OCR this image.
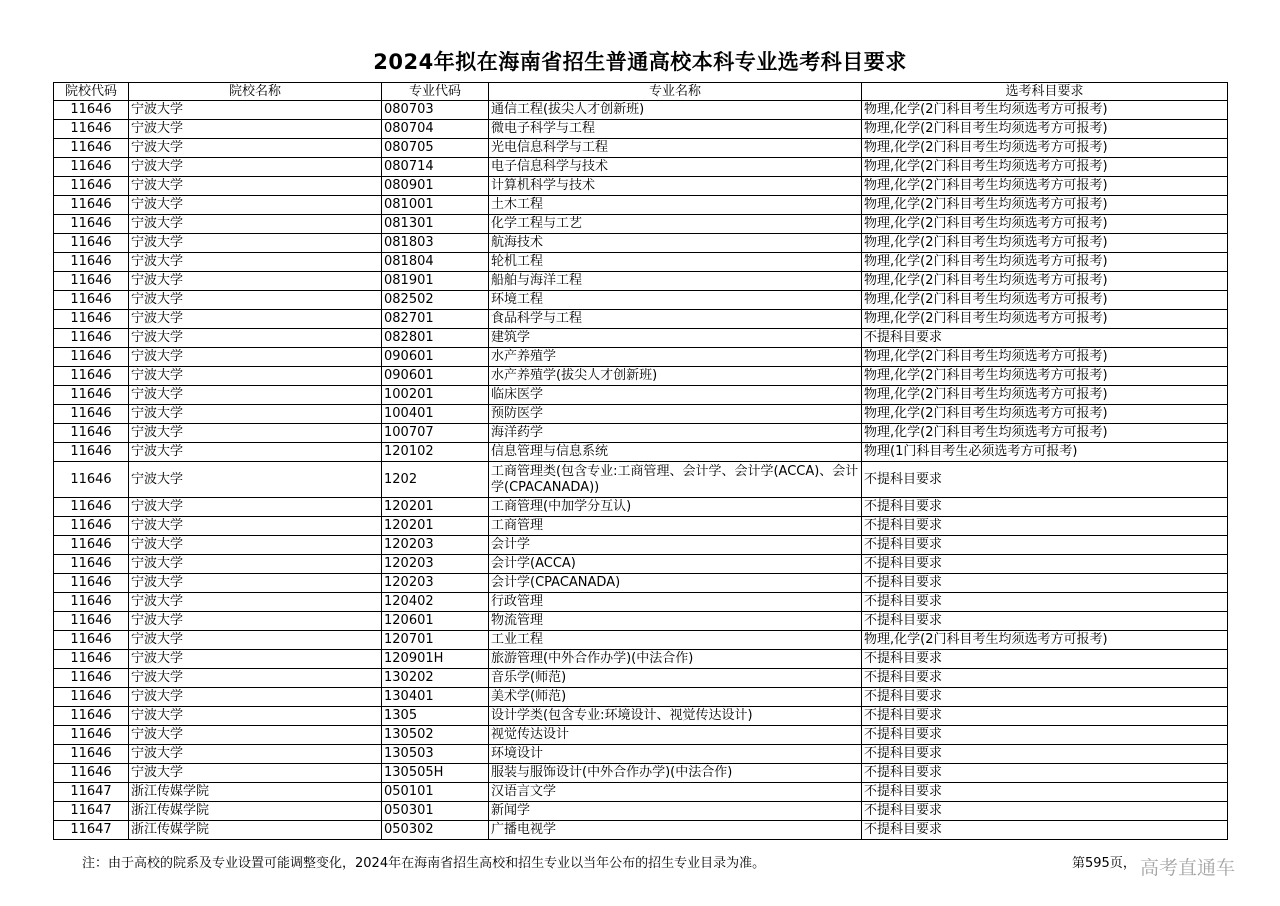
2024年拟在海南省招生普通高校本科专业选考科目要求
院校代码	院校名称	专业代码	专业名称	选考科目要求
11646	宁波大学	080703	通信工程(拔尖人才创新班)	物理,化学(2门科目考生均须选考方可报考)
11646	宁波大学	080704	微电子科学与工程	物理,化学(2门科目考生均须选考方可报考)
11646	宁波大学	080705	光电信息科学与工程	物理,化学(2门科目考生均须选考方可报考)
11646	宁波大学	080714	电子信息科学与技术	物理,化学(2门科目考生均须选考方可报考)
11646	宁波大学	080901	计算机科学与技术	物理,化学(2门科目考生均须选考方可报考)
11646	宁波大学	081001	土木工程	物理,化学(2门科目考生均须选考方可报考)
11646	宁波大学	081301	化学工程与工艺	物理,化学(2门科目考生均须选考方可报考)
11646	宁波大学	081803	航海技术	物理,化学(2门科目考生均须选考方可报考)
11646	宁波大学	081804	轮机工程	物理,化学(2门科目考生均须选考方可报考)
11646	宁波大学	081901	船舶与海洋工程	物理,化学(2门科目考生均须选考方可报考)
11646	宁波大学	082502	环境工程	物理,化学(2门科目考生均须选考方可报考)
11646	宁波大学	082701	食品科学与工程	物理,化学(2门科目考生均须选考方可报考)
11646	宁波大学	082801	建筑学	不提科目要求
11646	宁波大学	090601	水产养殖学	物理,化学(2门科目考生均须选考方可报考)
11646	宁波大学	090601	水产养殖学(拔尖人才创新班)	物理,化学(2门科目考生均须选考方可报考)
11646	宁波大学	100201	临床医学	物理,化学(2门科目考生均须选考方可报考)
11646	宁波大学	100401	预防医学	物理,化学(2门科目考生均须选考方可报考)
11646	宁波大学	100707	海洋药学	物理,化学(2门科目考生均须选考方可报考)
11646	宁波大学	120102	信息管理与信息系统	物理(1门科目考生必须选考方可报考)
11646	宁波大学	1202	工商管理类(包含专业:工商管理、会计学、会计学(ACCA)、会计学(CPACANADA))	不提科目要求
11646	宁波大学	120201	工商管理(中加学分互认)	不提科目要求
11646	宁波大学	120201	工商管理	不提科目要求
11646	宁波大学	120203	会计学	不提科目要求
11646	宁波大学	120203	会计学(ACCA)	不提科目要求
11646	宁波大学	120203	会计学(CPACANADA)	不提科目要求
11646	宁波大学	120402	行政管理	不提科目要求
11646	宁波大学	120601	物流管理	不提科目要求
11646	宁波大学	120701	工业工程	物理,化学(2门科目考生均须选考方可报考)
11646	宁波大学	120901H	旅游管理(中外合作办学)(中法合作)	不提科目要求
11646	宁波大学	130202	音乐学(师范)	不提科目要求
11646	宁波大学	130401	美术学(师范)	不提科目要求
11646	宁波大学	1305	设计学类(包含专业:环境设计、视觉传达设计)	不提科目要求
11646	宁波大学	130502	视觉传达设计	不提科目要求
11646	宁波大学	130503	环境设计	不提科目要求
11646	宁波大学	130505H	服装与服饰设计(中外合作办学)(中法合作)	不提科目要求
11647	浙江传媒学院	050101	汉语言文学	不提科目要求
11647	浙江传媒学院	050301	新闻学	不提科目要求
11647	浙江传媒学院	050302	广播电视学	不提科目要求
注：由于高校的院系及专业设置可能调整变化，2024年在海南省招生高校和招生专业以当年公布的招生专业目录为准。	第595页， 高考直通车
